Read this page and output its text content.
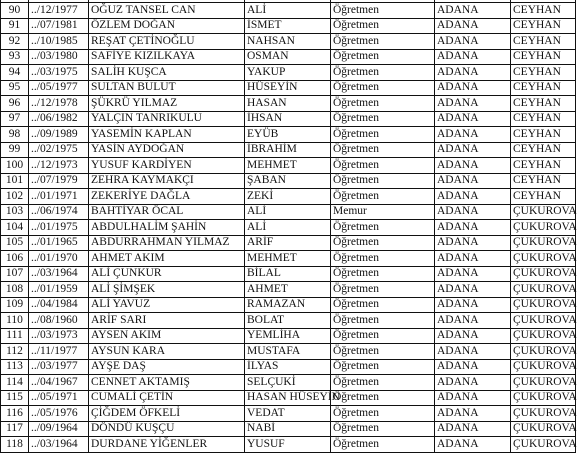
90	../12/1977	OĞUZ TANSEL CAN	ALİ	Öğretmen	ADANA	CEYHAN
91	../07/1981	ÖZLEM DOĞAN	İSMET	Öğretmen	ADANA	CEYHAN
92	../10/1985	REŞAT ÇETİNOĞLU	NAHSAN	Öğretmen	ADANA	CEYHAN
93	../03/1980	SAFİYE KIZILKAYA	OSMAN	Öğretmen	ADANA	CEYHAN
94	../03/1975	SALİH KUŞCA	YAKUP	Öğretmen	ADANA	CEYHAN
95	../05/1977	SULTAN BULUT	HÜSEYİN	Öğretmen	ADANA	CEYHAN
96	../12/1978	ŞÜKRÜ YILMAZ	HASAN	Öğretmen	ADANA	CEYHAN
97	../06/1982	YALÇIN TANRIKULU	İHSAN	Öğretmen	ADANA	CEYHAN
98	../09/1989	YASEMİN KAPLAN	EYÜB	Öğretmen	ADANA	CEYHAN
99	../02/1975	YASİN AYDOĞAN	İBRAHİM	Öğretmen	ADANA	CEYHAN
100	../12/1973	YUSUF KARDİYEN	MEHMET	Öğretmen	ADANA	CEYHAN
101	../07/1979	ZEHRA KAYMAKÇI	ŞABAN	Öğretmen	ADANA	CEYHAN
102	../01/1971	ZEKERİYE DAĞLA	ZEKİ	Öğretmen	ADANA	CEYHAN
103	../06/1974	BAHTİYAR ÖCAL	ALİ	Memur	ADANA	ÇUKUROVA
104	../01/1975	ABDULHALİM ŞAHİN	ALİ	Öğretmen	ADANA	ÇUKUROVA
105	../01/1965	ABDURRAHMAN YILMAZ	ARİF	Öğretmen	ADANA	ÇUKUROVA
106	../01/1970	AHMET AKIM	MEHMET	Öğretmen	ADANA	ÇUKUROVA
107	../03/1964	ALİ ÇUNKUR	BİLAL	Öğretmen	ADANA	ÇUKUROVA
108	../01/1959	ALİ ŞİMŞEK	AHMET	Öğretmen	ADANA	ÇUKUROVA
109	../04/1984	ALİ YAVUZ	RAMAZAN	Öğretmen	ADANA	ÇUKUROVA
110	../08/1960	ARİF SARI	BOLAT	Öğretmen	ADANA	ÇUKUROVA
111	../03/1973	AYSEN AKIM	YEMLİHA	Öğretmen	ADANA	ÇUKUROVA
112	../11/1977	AYSUN KARA	MUSTAFA	Öğretmen	ADANA	ÇUKUROVA
113	../03/1977	AYŞE DAŞ	İLYAS	Öğretmen	ADANA	ÇUKUROVA
114	../04/1967	CENNET AKTAMIŞ	SELÇUKİ	Öğretmen	ADANA	ÇUKUROVA
115	../05/1971	CUMALİ ÇETİN	HASAN HÜSEYİN	Öğretmen	ADANA	ÇUKUROVA
116	../05/1976	ÇİĞDEM ÖFKELİ	VEDAT	Öğretmen	ADANA	ÇUKUROVA
117	../09/1964	DÖNDÜ KUŞÇU	NABİ	Öğretmen	ADANA	ÇUKUROVA
118	../03/1964	DURDANE YİĞENLER	YUSUF	Öğretmen	ADANA	ÇUKUROVA
